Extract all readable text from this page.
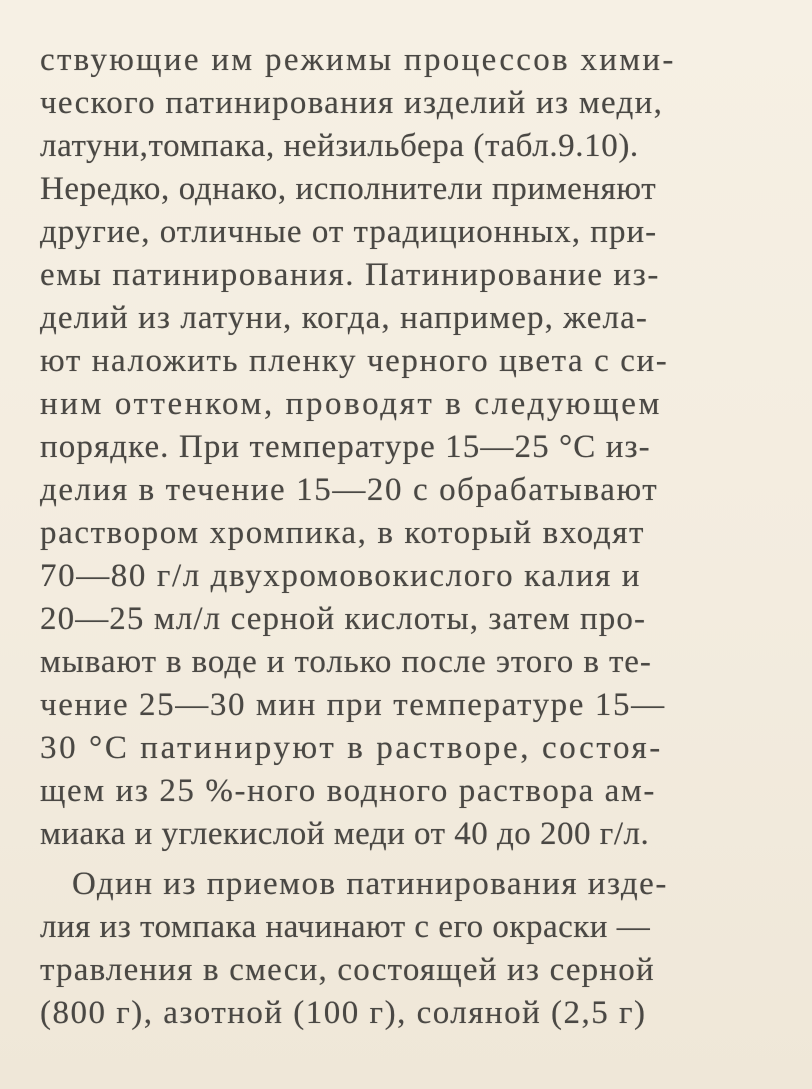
ствующие им режимы процессов хими-
ческого патинирования изделий из меди,
латуни,томпака, нейзильбера (табл.9.10).
Нередко, однако, исполнители применяют
другие, отличные от традиционных, при-
емы патинирования. Патинирование из-
делий из латуни, когда, например, жела-
ют наложить пленку черного цвета с си-
ним оттенком, проводят в следующем
порядке. При температуре 15—25 °С из-
делия в течение 15—20 с обрабатывают
раствором хромпика, в который входят
70—80 г/л двухромовокислого калия и
20—25 мл/л серной кислоты, затем про-
мывают в воде и только после этого в те-
чение 25—30 мин при температуре 15—
30 °С патинируют в растворе, состоя-
щем из 25 %-ного водного раствора ам-
миака и углекислой меди от 40 до 200 г/л.
Один из приемов патинирования изде-
лия из томпака начинают с его окраски —
травления в смеси, состоящей из серной
(800 г), азотной (100 г), соляной (2,5 г)
